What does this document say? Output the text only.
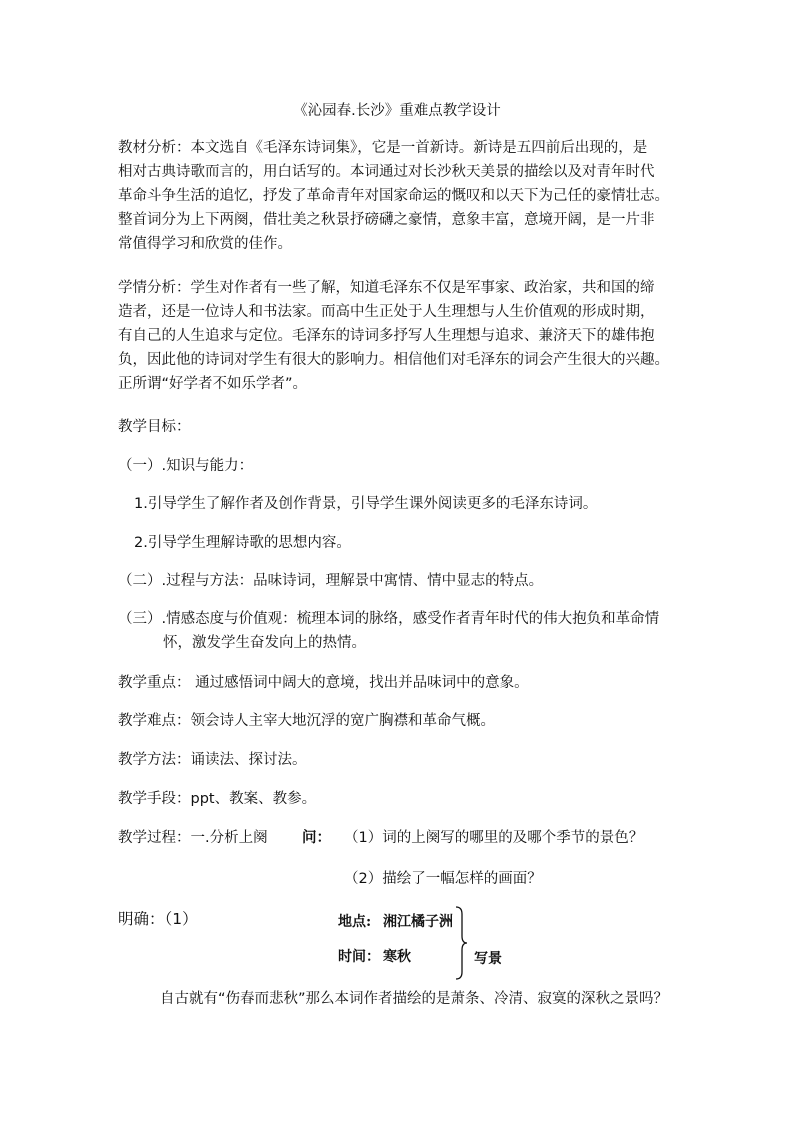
《沁园春.长沙》重难点教学设计
教材分析：本文选自《毛泽东诗词集》，它是一首新诗。新诗是五四前后出现的，是
相对古典诗歌而言的，用白话写的。本词通过对长沙秋天美景的描绘以及对青年时代
革命斗争生活的追忆，抒发了革命青年对国家命运的慨叹和以天下为己任的豪情壮志。
整首词分为上下两阕，借壮美之秋景抒磅礴之豪情，意象丰富，意境开阔，是一片非
常值得学习和欣赏的佳作。
学情分析：学生对作者有一些了解，知道毛泽东不仅是军事家、政治家，共和国的缔
造者，还是一位诗人和书法家。而高中生正处于人生理想与人生价值观的形成时期，
有自己的人生追求与定位。毛泽东的诗词多抒写人生理想与追求、兼济天下的雄伟抱
负，因此他的诗词对学生有很大的影响力。相信他们对毛泽东的词会产生很大的兴趣。
正所谓“好学者不如乐学者”。
教学目标：
（一）.知识与能力：
1.引导学生了解作者及创作背景，引导学生课外阅读更多的毛泽东诗词。
2.引导学生理解诗歌的思想内容。
（二）.过程与方法：品味诗词，理解景中寓情、情中显志的特点。
（三）.情感态度与价值观：梳理本词的脉络，感受作者青年时代的伟大抱负和革命情
怀，激发学生奋发向上的热情。
教学重点： 通过感悟词中阔大的意境，找出并品味词中的意象。
教学难点：领会诗人主宰大地沉浮的宽广胸襟和革命气概。
教学方法：诵读法、探讨法。
教学手段：ppt、教案、教参。
教学过程：一.分析上阕 问： （1）词的上阕写的哪里的及哪个季节的景色？
（2）描绘了一幅怎样的画面？
明确：（1）	地点: 湘江橘子洲
时间： 寒秋	写景
自古就有“伤春而悲秋”那么本词作者描绘的是萧条、冷清、寂寞的深秋之景吗？
